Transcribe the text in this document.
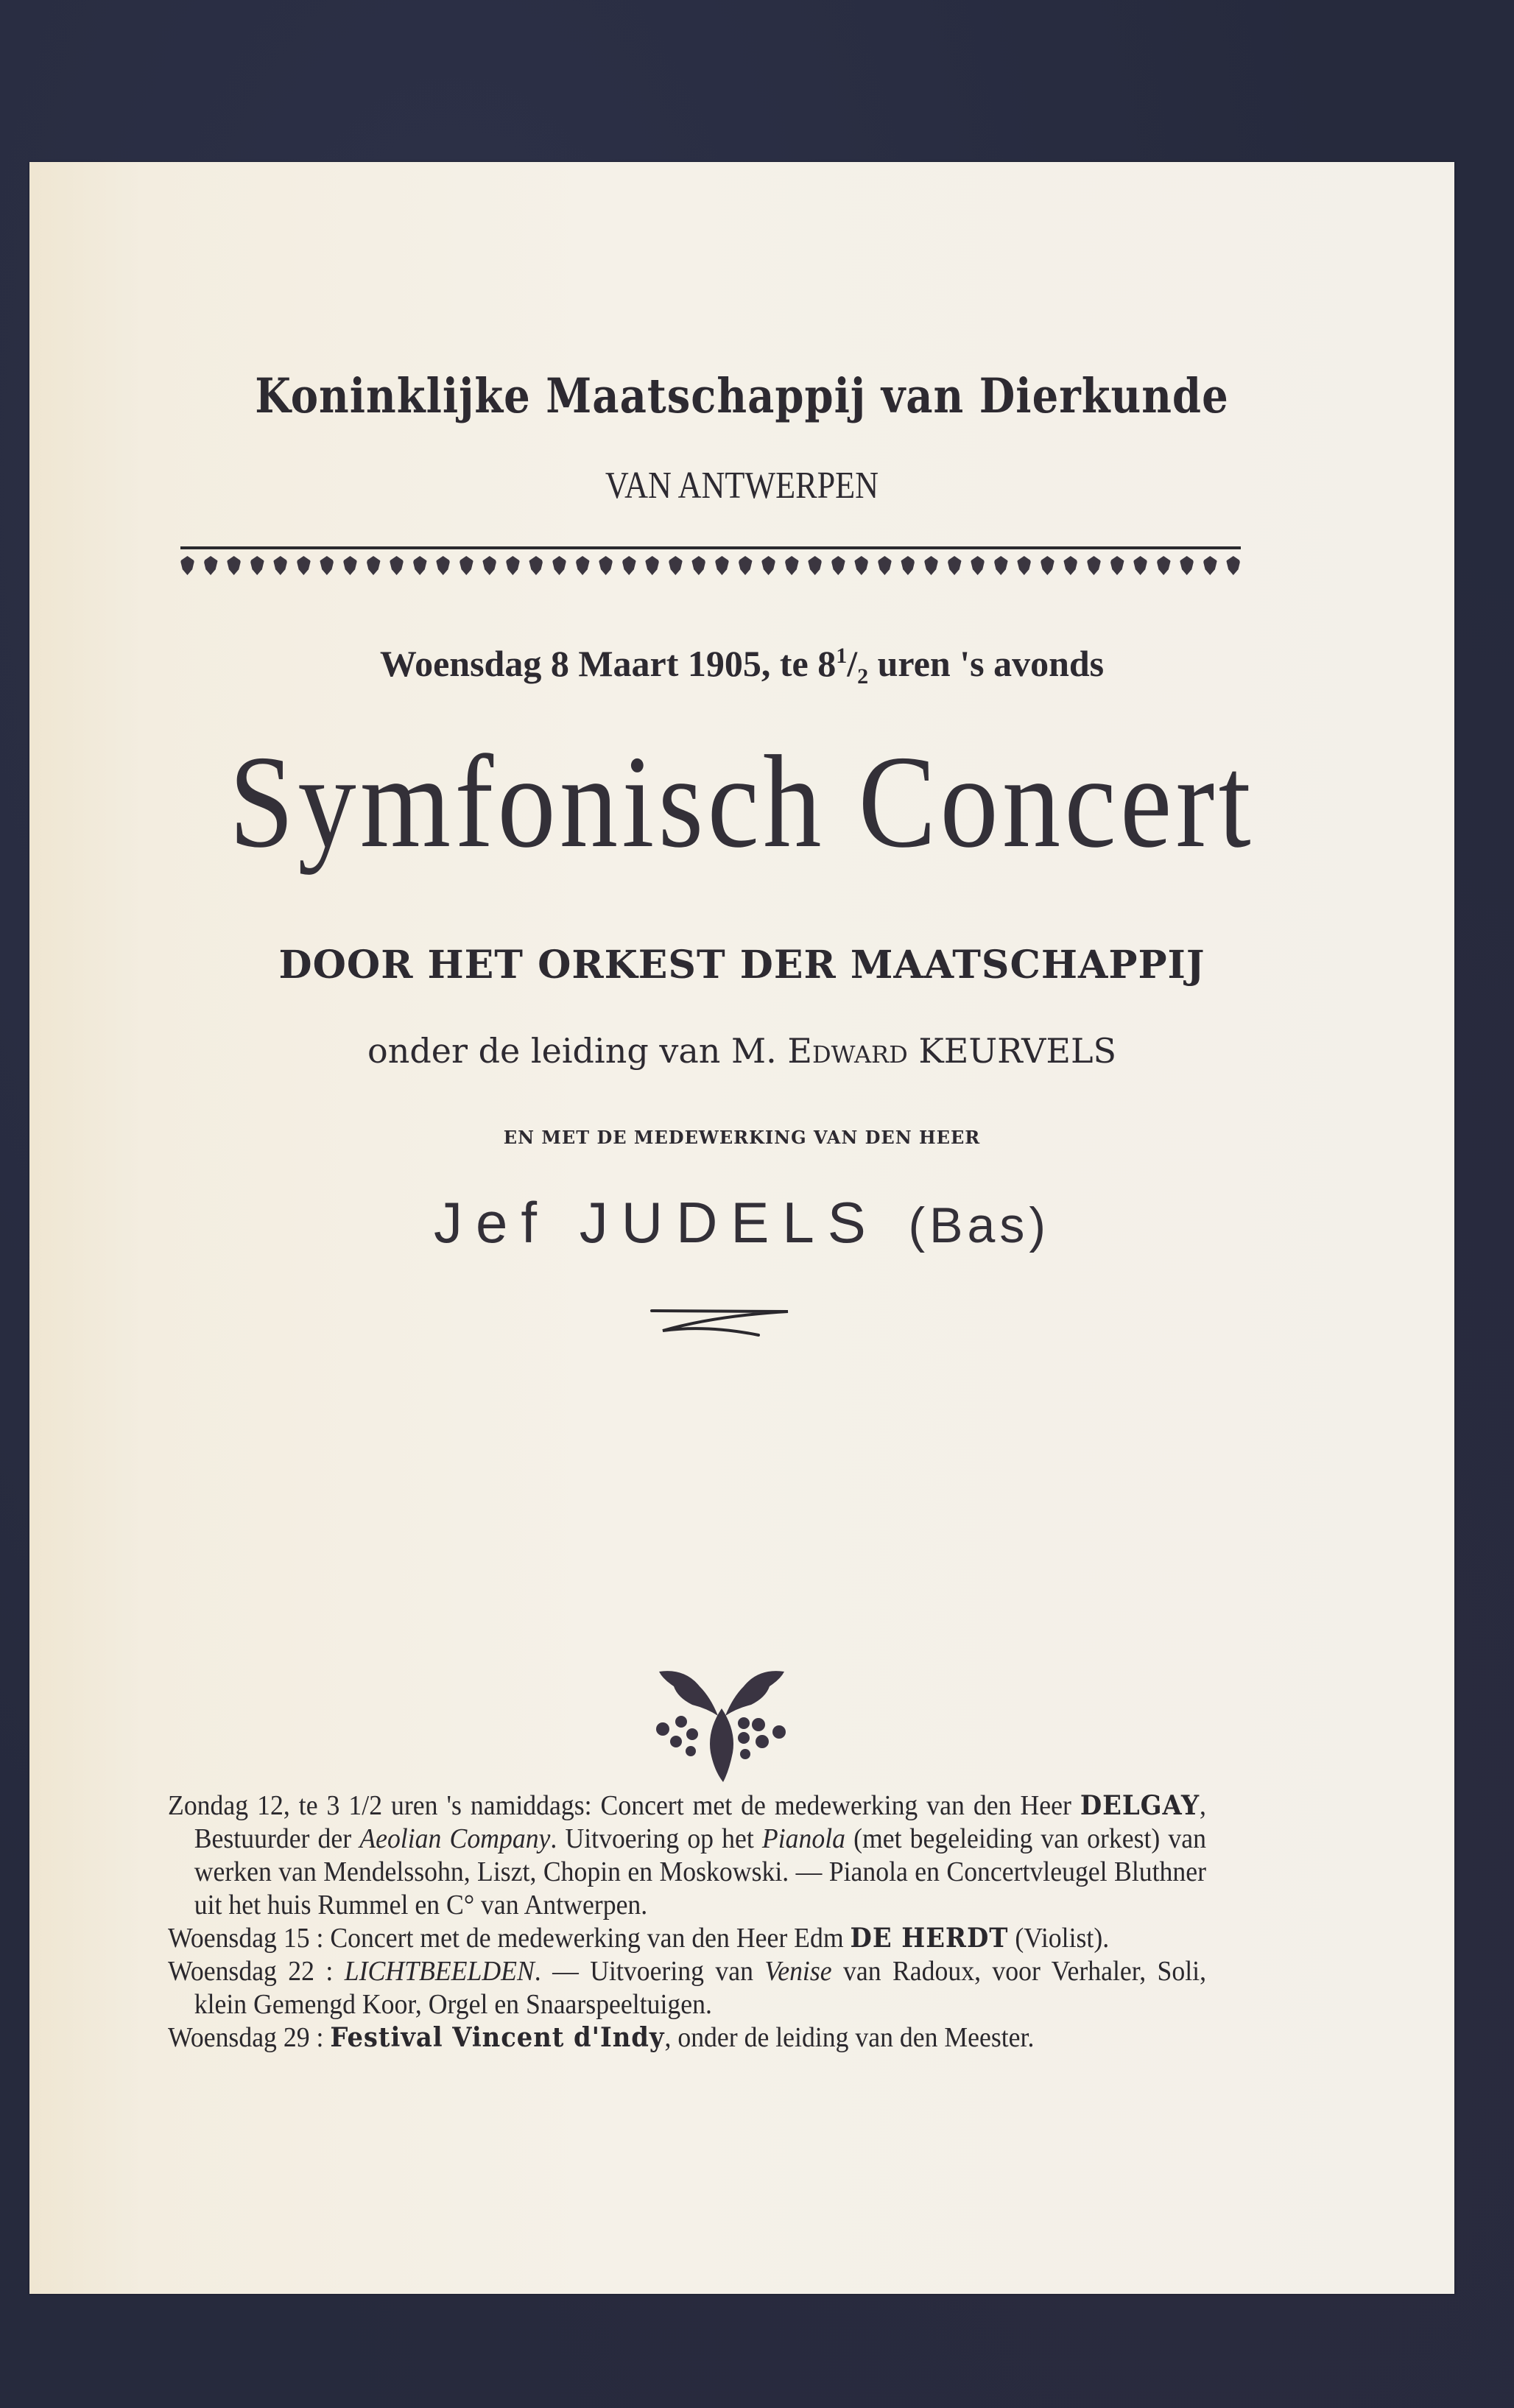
Koninklijke Maatschappij van Dierkunde
VAN ANTWERPEN
Woensdag 8 Maart 1905, te $8^1/_2$ uren 's avonds
Symfonisch Concert
DOOR HET ORKEST DER MAATSCHAPPIJ
onder de leiding van M. Edward KEURVELS
EN MET DE MEDEWERKING VAN DEN HEER
Jef JUDELS (Bas)
Zondag 12, te 3 1/2 uren 's namiddags: Concert met de medewerking van den Heer DELGAY, Bestuurder der Aeolian Company. Uitvoering op het Pianola (met begeleiding van orkest) van werken van Mendelssohn, Liszt, Chopin en Moskowski. — Pianola en Concertvleugel Bluthner uit het huis Rummel en C° van Antwerpen.
Woensdag 15 : Concert met de medewerking van den Heer Edm DE HERDT (Violist).
Woensdag 22 : LICHTBEELDEN. — Uitvoering van Venise van Radoux, voor Verhaler, Soli, klein Gemengd Koor, Orgel en Snaarspeeltuigen.
Woensdag 29 : Festival Vincent d'Indy, onder de leiding van den Meester.
